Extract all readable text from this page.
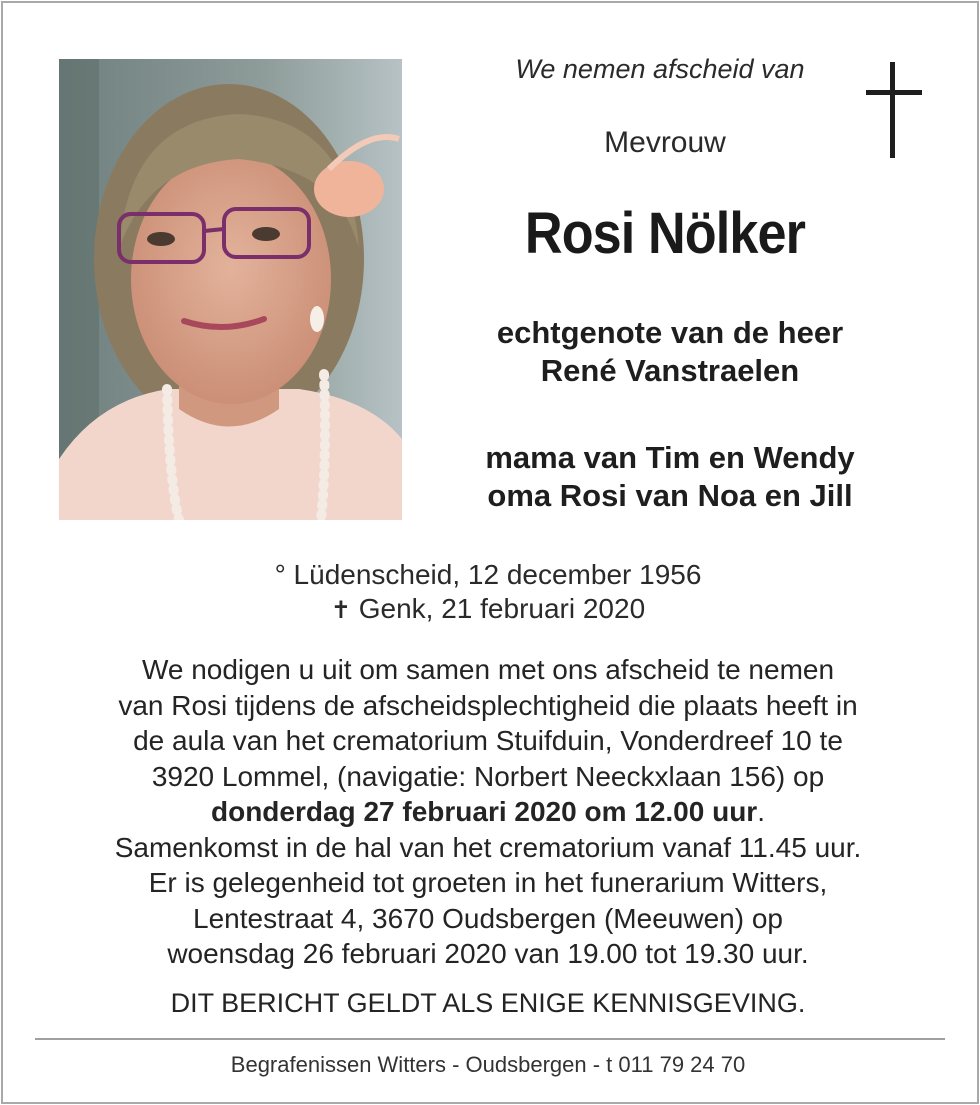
We nemen afscheid van
Mevrouw
Rosi Nölker
echtgenote van de heer
René Vanstraelen
mama van Tim en Wendy
oma Rosi van Noa en Jill
° Lüdenscheid, 12 december 1956
✝ Genk, 21 februari 2020
We nodigen u uit om samen met ons afscheid te nemen
van Rosi tijdens de afscheidsplechtigheid die plaats heeft in
de aula van het crematorium Stuifduin, Vonderdreef 10 te
3920 Lommel, (navigatie: Norbert Neeckxlaan 156) op
donderdag 27 februari 2020 om 12.00 uur.
Samenkomst in de hal van het crematorium vanaf 11.45 uur.
Er is gelegenheid tot groeten in het funerarium Witters,
Lentestraat 4, 3670 Oudsbergen (Meeuwen) op
woensdag 26 februari 2020 van 19.00 tot 19.30 uur.
DIT BERICHT GELDT ALS ENIGE KENNISGEVING.
Begrafenissen Witters - Oudsbergen - t 011 79 24 70
